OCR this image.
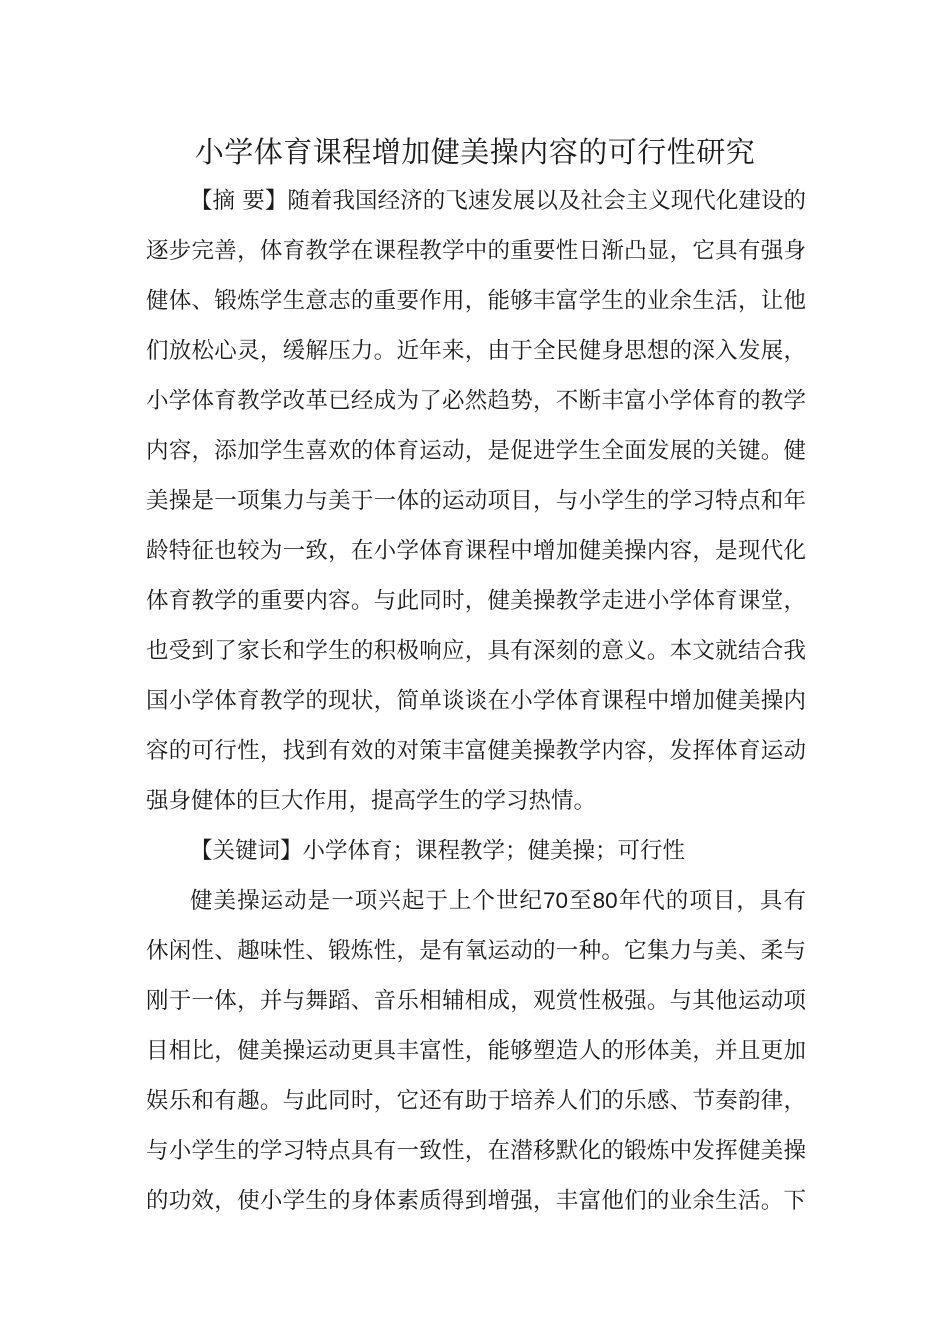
小学体育课程增加健美操内容的可行性研究
【摘 要】随着我国经济的飞速发展以及社会主义现代化建设的
逐步完善，体育教学在课程教学中的重要性日渐凸显，它具有强身
健体、锻炼学生意志的重要作用，能够丰富学生的业余生活，让他
们放松心灵，缓解压力。近年来，由于全民健身思想的深入发展，
小学体育教学改革已经成为了必然趋势，不断丰富小学体育的教学
内容，添加学生喜欢的体育运动，是促进学生全面发展的关键。健
美操是一项集力与美于一体的运动项目，与小学生的学习特点和年
龄特征也较为一致，在小学体育课程中增加健美操内容，是现代化
体育教学的重要内容。与此同时，健美操教学走进小学体育课堂，
也受到了家长和学生的积极响应，具有深刻的意义。本文就结合我
国小学体育教学的现状，简单谈谈在小学体育课程中增加健美操内
容的可行性，找到有效的对策丰富健美操教学内容，发挥体育运动
强身健体的巨大作用，提高学生的学习热情。
【关键词】小学体育；课程教学；健美操；可行性
健美操运动是一项兴起于上个世纪70至80年代的项目，具有
休闲性、趣味性、锻炼性，是有氧运动的一种。它集力与美、柔与
刚于一体，并与舞蹈、音乐相辅相成，观赏性极强。与其他运动项
目相比，健美操运动更具丰富性，能够塑造人的形体美，并且更加
娱乐和有趣。与此同时，它还有助于培养人们的乐感、节奏韵律，
与小学生的学习特点具有一致性，在潜移默化的锻炼中发挥健美操
的功效，使小学生的身体素质得到增强，丰富他们的业余生活。下
